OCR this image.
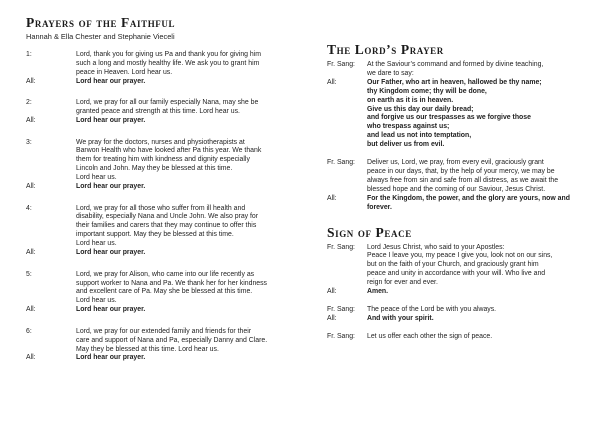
Prayers of the Faithful
Hannah & Ella Chester and Stephanie Vieceli
1:	Lord, thank you for giving us Pa and thank you for giving him
such a long and mostly healthy life. We ask you to grant him
peace in Heaven. Lord hear us.
All:	Lord hear our prayer.
2:	Lord, we pray for all our family especially Nana, may she be
granted peace and strength at this time. Lord hear us.
All:	Lord hear our prayer.
3:	We pray for the doctors, nurses and physiotherapists at
Barwon Health who have looked after Pa this year. We thank
them for treating him with kindness and dignity especially
Lincoln and John. May they be blessed at this time.
Lord hear us.
All:	Lord hear our prayer.
4:	Lord, we pray for all those who suffer from ill health and
disability, especially Nana and Uncle John. We also pray for
their families and carers that they may continue to offer this
important support. May they be blessed at this time.
Lord hear us.
All:	Lord hear our prayer.
5:	Lord, we pray for Alison, who came into our life recently as
support worker to Nana and Pa. We thank her for her kindness
and excellent care of Pa. May she be blessed at this time.
Lord hear us.
All:	Lord hear our prayer.
6:	Lord, we pray for our extended family and friends for their
care and support of Nana and Pa, especially Danny and Clare.
May they be blessed at this time. Lord hear us.
All:	Lord hear our prayer.
The Lord’s Prayer
Fr. Sang:	At the Saviour’s command and formed by divine teaching,
we dare to say:
All:	Our Father, who art in heaven, hallowed be thy name;
thy Kingdom come; thy will be done,
on earth as it is in heaven.
Give us this day our daily bread;
and forgive us our trespasses as we forgive those
who trespass against us;
and lead us not into temptation,
but deliver us from evil.
Fr. Sang:	Deliver us, Lord, we pray, from every evil, graciously grant
peace in our days, that, by the help of your mercy, we may be
always free from sin and safe from all distress, as we await the
blessed hope and the coming of our Saviour, Jesus Christ.
All:	For the Kingdom, the power, and the glory are yours, now and
forever.
Sign of Peace
Fr. Sang:	Lord Jesus Christ, who said to your Apostles:
Peace I leave you, my peace I give you, look not on our sins,
but on the faith of your Church, and graciously grant him
peace and unity in accordance with your will. Who live and
reign for ever and ever.
All:	Amen.
Fr. Sang:	The peace of the Lord be with you always.
All:	And with your spirit.
Fr. Sang:	Let us offer each other the sign of peace.
